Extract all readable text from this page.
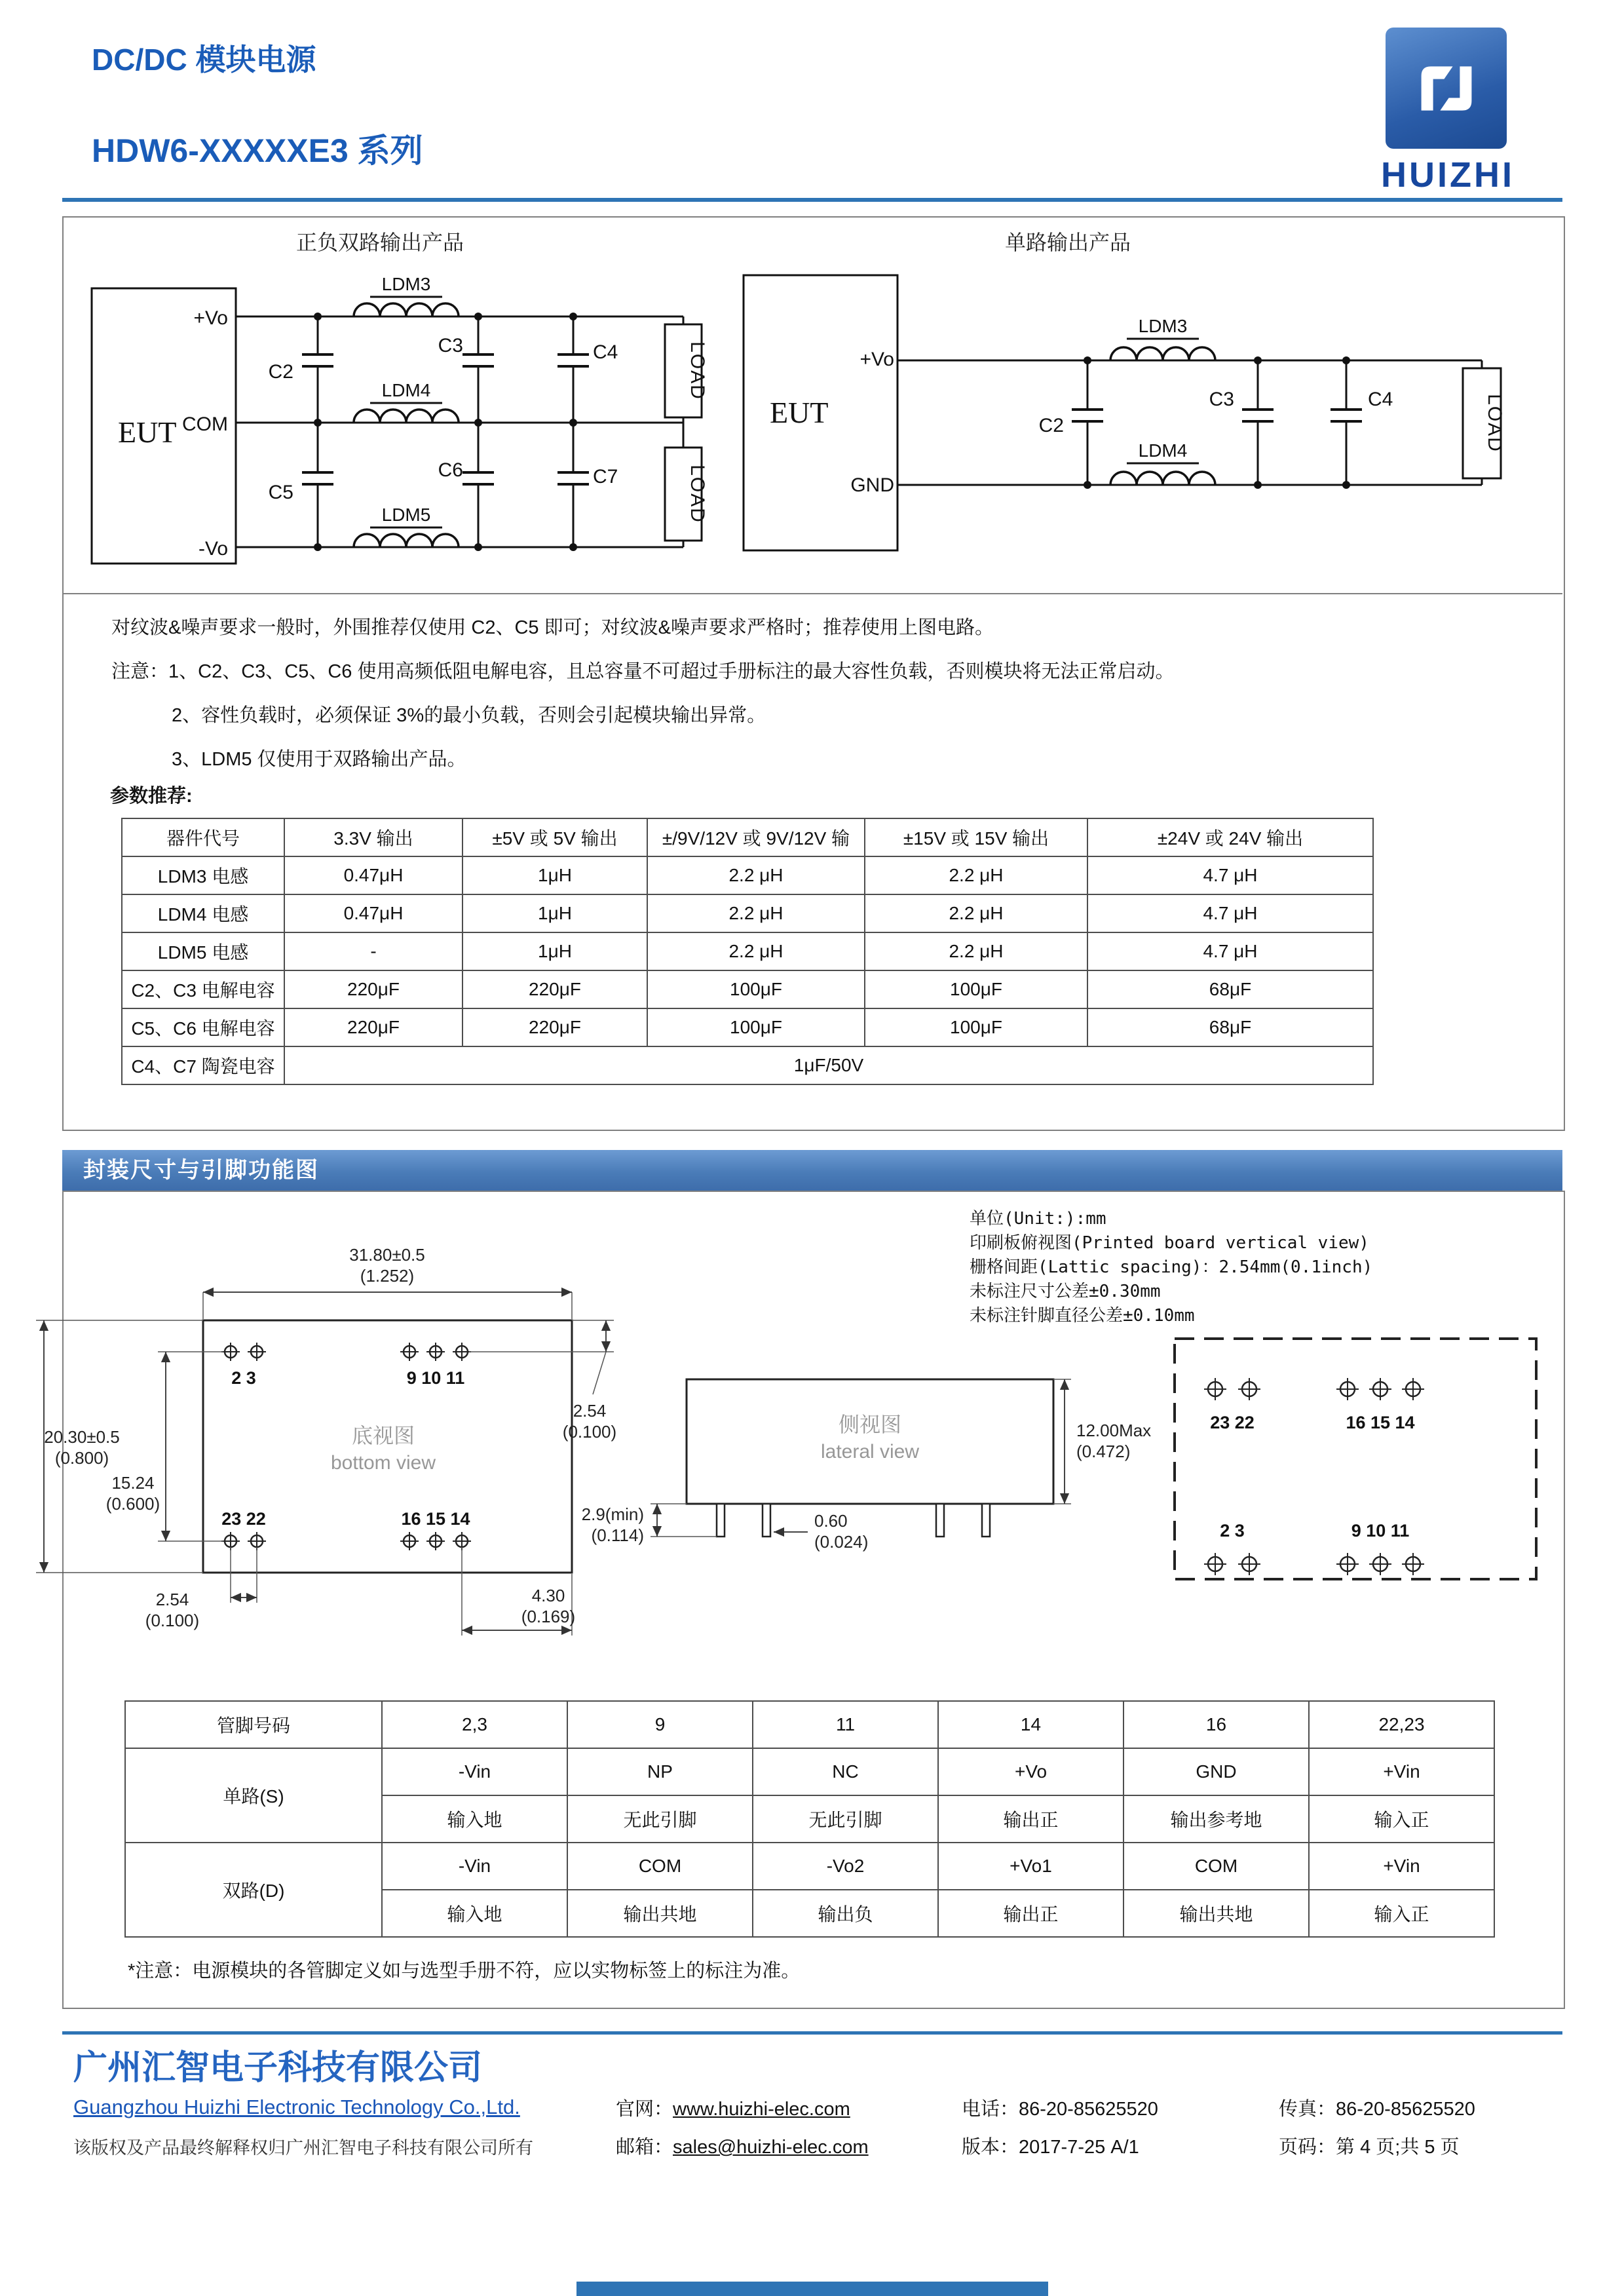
DC/DC 模块电源
HDW6-XXXXXE3 系列
HUIZHI
正负双路输出产品	单路输出产品
EUT
+Vo
COM
-Vo
LDM3
LDM4
LDM5
C2
C3	C4
C5
C6	C7
LOAD
LOAD
EUT
+Vo
GND
LDM3
LDM4
C2
C3	C4	LOAD
对纹波&噪声要求一般时，外围推荐仅使用 C2、C5 即可；对纹波&噪声要求严格时；推荐使用上图电路。
注意：1、C2、C3、C5、C6 使用高频低阻电解电容，且总容量不可超过手册标注的最大容性负载，否则模块将无法正常启动。
2、容性负载时，必须保证 3%的最小负载，否则会引起模块输出异常。
3、LDM5 仅使用于双路输出产品。
参数推荐:
器件代号	3.3V 输出	±5V 或 5V 输出	±/9V/12V 或 9V/12V 输	±15V 或 15V 输出	±24V 或 24V 输出
LDM3 电感	0.47μH	1μH	2.2 μH	2.2 μH	4.7 μH
LDM4 电感	0.47μH	1μH	2.2 μH	2.2 μH	4.7 μH
LDM5 电感	-	1μH	2.2 μH	2.2 μH	4.7 μH
C2、C3 电解电容	220μF	220μF	100μF	100μF	68μF
C5、C6 电解电容	220μF	220μF	100μF	100μF	68μF
C4、C7 陶瓷电容	1μF/50V				
封装尺寸与引脚功能图
单位(Unit:):mm
印刷板俯视图(Printed board vertical view)
栅格间距(Lattic spacing)：2.54mm(0.1inch)
未标注尺寸公差±0.30mm
未标注针脚直径公差±0.10mm
2 3	9 10 11
23 22	16 15 14
底视图
bottom view
31.80±0.5
(1.252)
20.30±0.5
(0.800)
15.24
(0.600)
2.54
(0.100)
2.54
(0.100)
4.30
(0.169)
侧视图
lateral view
2.9(min)
(0.114)
0.60
(0.024)
12.00Max
(0.472)
23 22	16 15 14
2 3	9 10 11
管脚号码	2,3	9	11	14	16	22,23
单路(S)	-Vin	NP	NC	+Vo	GND	+Vin
	输入地	无此引脚	无此引脚	输出正	输出参考地	输入正
双路(D)	-Vin	COM	-Vo2	+Vo1	COM	+Vin
	输入地	输出共地	输出负	输出正	输出共地	输入正
*注意：电源模块的各管脚定义如与选型手册不符，应以实物标签上的标注为准。
广州汇智电子科技有限公司
Guangzhou Huizhi Electronic Technology Co.,Ltd.
该版权及产品最终解释权归广州汇智电子科技有限公司所有
官网：www.huizhi-elec.com
邮箱：sales@huizhi-elec.com
电话：86-20-85625520
版本：2017-7-25 A/1
传真：86-20-85625520
页码：第 4 页;共 5 页
